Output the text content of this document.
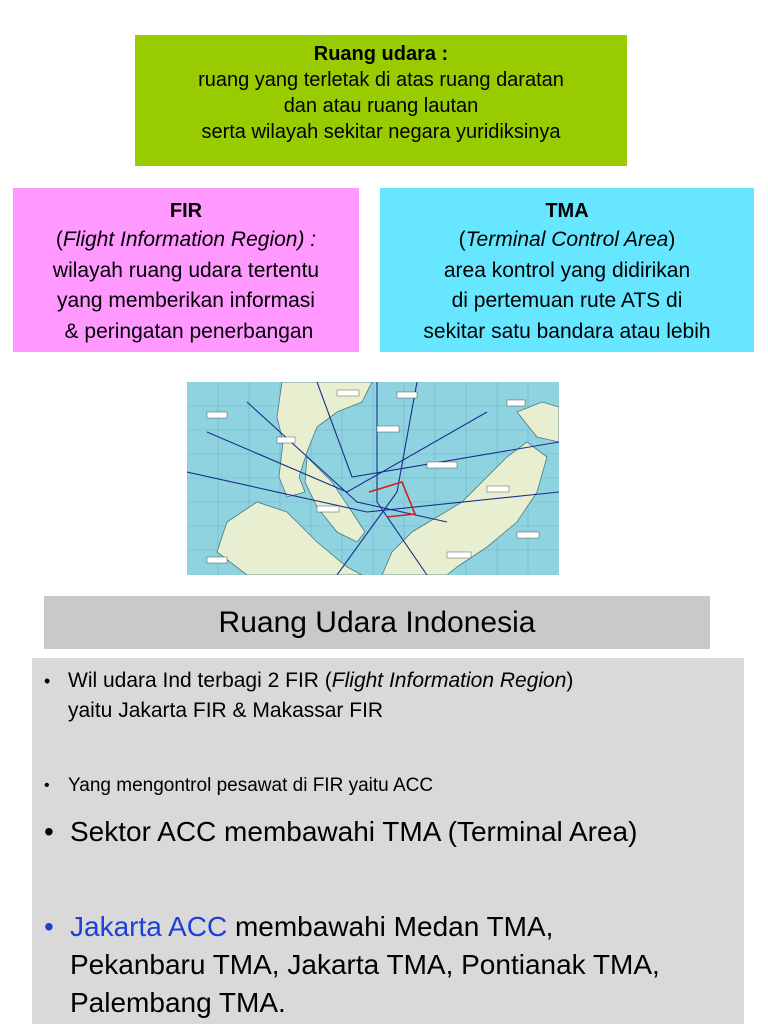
Ruang udara :
ruang yang terletak di atas ruang daratan
dan atau ruang lautan
serta wilayah sekitar negara yuridiksinya
FIR
(Flight Information Region) :
wilayah ruang udara tertentu
yang memberikan informasi
& peringatan penerbangan
TMA
(Terminal Control Area)
area kontrol yang didirikan
di pertemuan rute ATS di
sekitar satu bandara atau lebih
Ruang Udara Indonesia
• Wil udara Ind terbagi 2 FIR (Flight Information Region)
yaitu Jakarta FIR & Makassar FIR
• Yang mengontrol pesawat di FIR yaitu ACC
• Sektor ACC membawahi TMA (Terminal Area)
• Jakarta ACC membawahi Medan TMA,
Pekanbaru TMA, Jakarta TMA, Pontianak TMA,
Palembang TMA.
